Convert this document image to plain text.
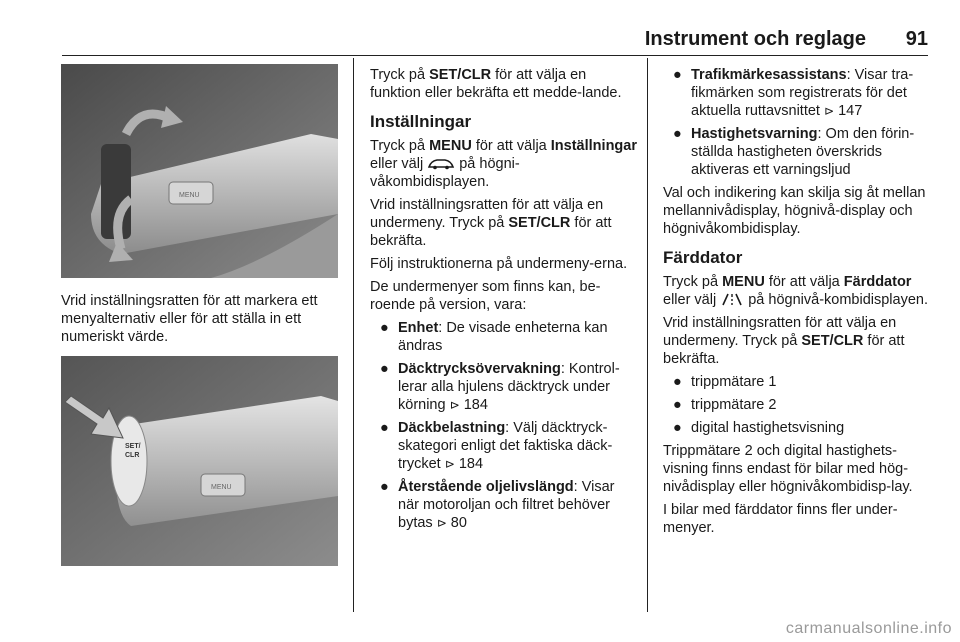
Instrument och reglage 91
MENU
Vrid inställningsratten för att markera ett menyalternativ eller för att ställa in ett numeriskt värde.
SET/
CLR
MENU

Tryck på SET/CLR för att välja en funktion eller bekräfta ett medde-lande.

Inställningar

Tryck på MENU för att välja Inställningar eller välj  på högni-våkombidisplayen.

Vrid inställningsratten för att välja en undermeny. Tryck på SET/CLR för att bekräfta.

Följ instruktionerna på undermeny-erna.

De undermenyer som finns kan, be-roende på version, vara:

● Enhet: De visade enheterna kan ändras
● Däcktrycksövervakning: Kontrol-lerar alla hjulens däcktryck under körning ⊳ 184
● Däckbelastning: Välj däcktryck-skategori enligt det faktiska däck-trycket ⊳ 184
● Återstående oljelivslängd: Visar när motoroljan och filtret behöver bytas ⊳ 80
● Trafikmärkesassistans: Visar tra-fikmärken som registrerats för det aktuella ruttavsnittet ⊳ 147
● Hastighetsvarning: Om den förin-ställda hastigheten överskrids aktiveras ett varningsljud

Val och indikering kan skilja sig åt mellan mellannivådisplay, högnivå-display och högnivåkombidisplay.

Färddator

Tryck på MENU för att välja Färddator eller välj  på högnivå-kombidisplayen.

Vrid inställningsratten för att välja en undermeny. Tryck på SET/CLR för att bekräfta.

● trippmätare 1
● trippmätare 2
● digital hastighetsvisning

Trippmätare 2 och digital hastighets-visning finns endast för bilar med hög-nivådisplay eller högnivåkombidisp-lay.

I bilar med färddator finns fler under-menyer.

carmanualsonline.info
